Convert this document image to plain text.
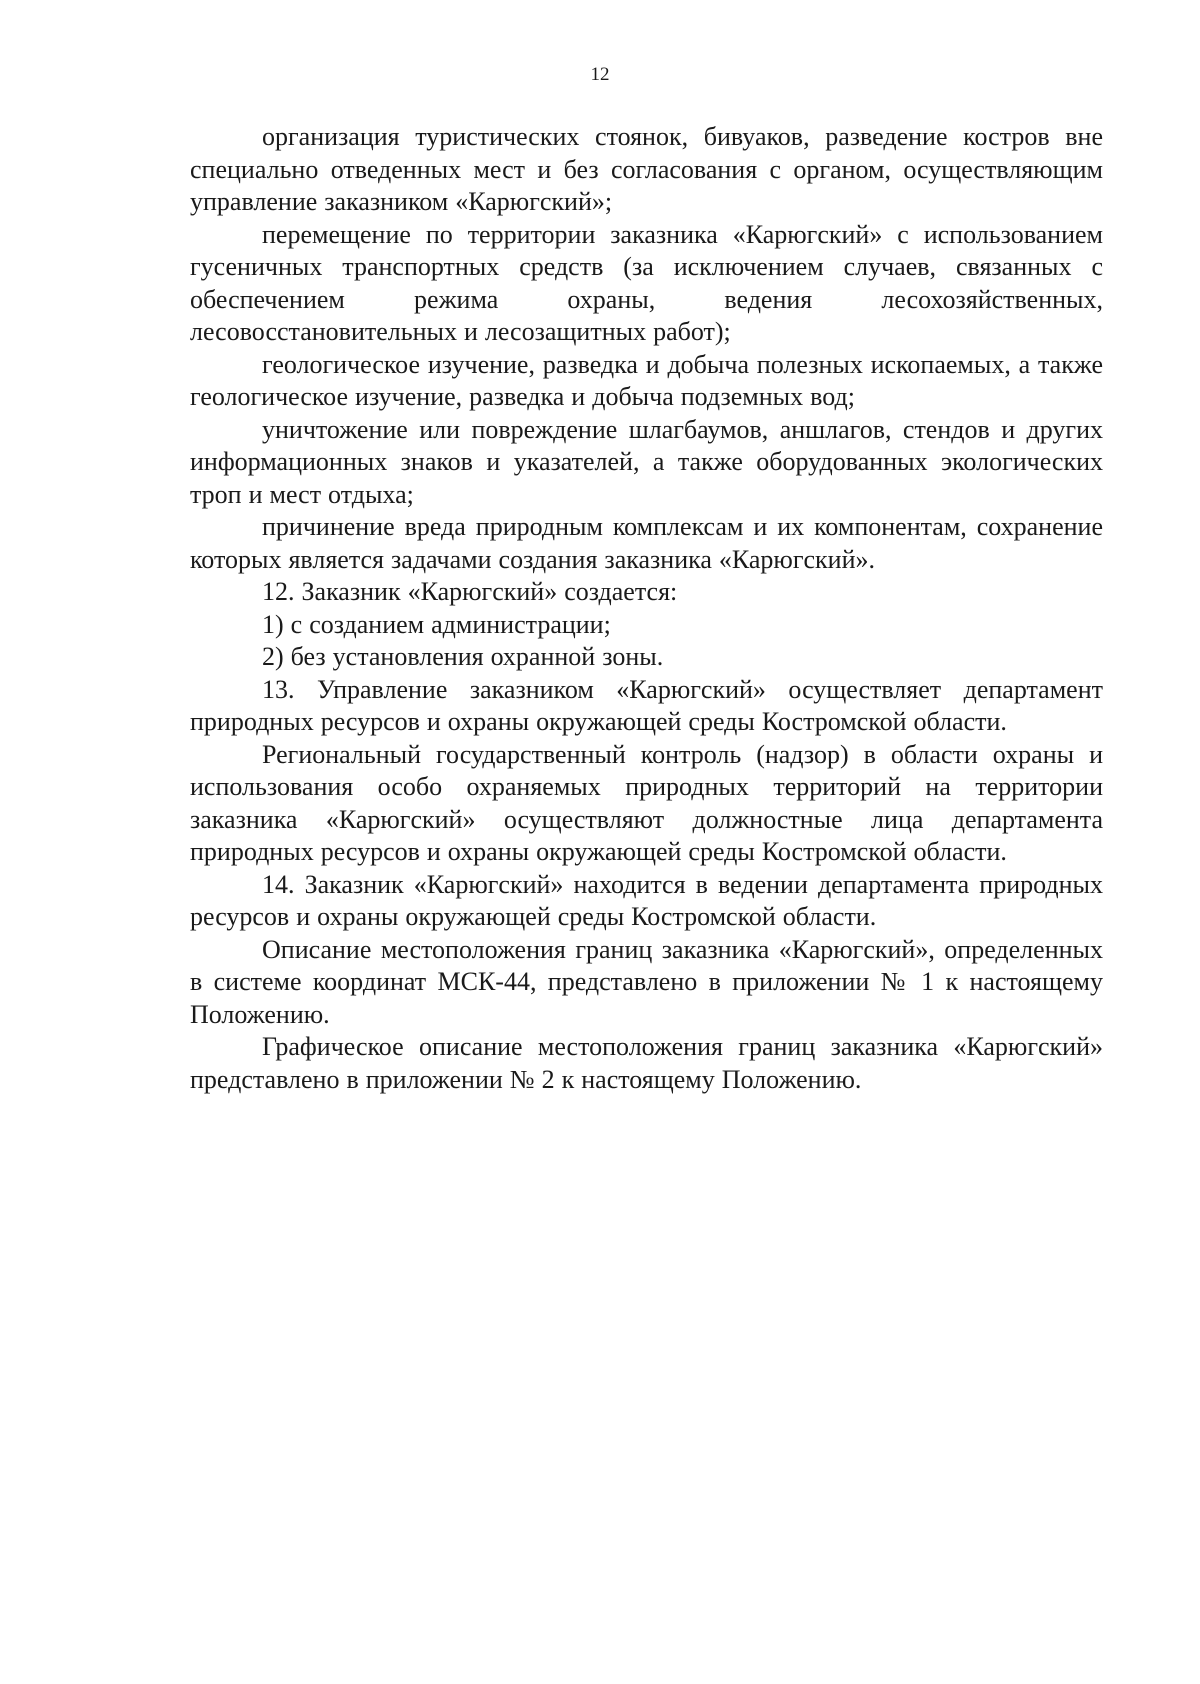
12

организация туристических стоянок, бивуаков, разведение костров вне специально отведенных мест и без согласования с органом, осуществляющим управление заказником «Карюгский»;

перемещение по территории заказника «Карюгский» с использованием гусеничных транспортных средств (за исключением случаев, связанных с обеспечением режима охраны, ведения лесохозяйственных, лесовосстановительных и лесозащитных работ);

геологическое изучение, разведка и добыча полезных ископаемых, а также геологическое изучение, разведка и добыча подземных вод;

уничтожение или повреждение шлагбаумов, аншлагов, стендов и других информационных знаков и указателей, а также оборудованных экологических троп и мест отдыха;

причинение вреда природным комплексам и их компонентам, сохранение которых является задачами создания заказника «Карюгский».

12. Заказник «Карюгский» создается:

1) с созданием администрации;

2) без установления охранной зоны.

13. Управление заказником «Карюгский» осуществляет департамент природных ресурсов и охраны окружающей среды Костромской области.

Региональный государственный контроль (надзор) в области охраны и использования особо охраняемых природных территорий на территории заказника «Карюгский» осуществляют должностные лица департамента природных ресурсов и охраны окружающей среды Костромской области.

14. Заказник «Карюгский» находится в ведении департамента природных ресурсов и охраны окружающей среды Костромской области.

Описание местоположения границ заказника «Карюгский», определенных в системе координат МСК-44, представлено в приложении № 1 к настоящему Положению.

Графическое описание местоположения границ заказника «Карюгский» представлено в приложении № 2 к настоящему Положению.
